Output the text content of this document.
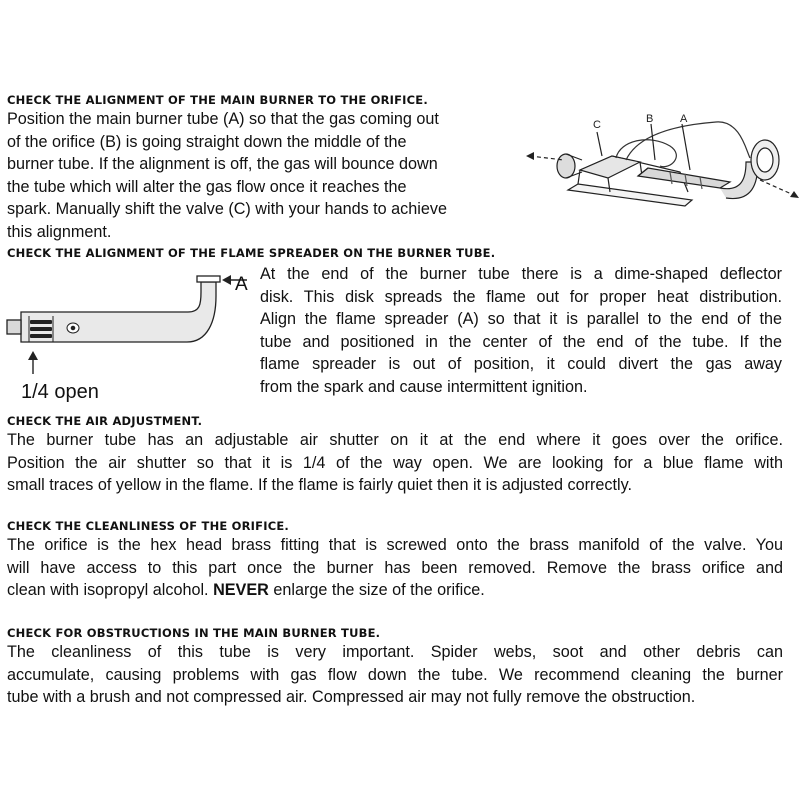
CHECK THE ALIGNMENT OF THE MAIN BURNER TO THE ORIFICE.
Position the main burner tube (A) so that the gas coming out
of the orifice (B) is going straight down the middle of the
burner tube. If the alignment is off, the gas will bounce down
the tube which will alter the gas flow once it reaches the
spark. Manually shift the valve (C) with your hands to achieve
this alignment.
C	B A
CHECK THE ALIGNMENT OF THE FLAME SPREADER ON THE BURNER TUBE.
A
1/4 open
At the end of the burner tube there is a dime-shaped deflector
disk. This disk spreads the flame out for proper heat distribution.
Align the flame spreader (A) so that it is parallel to the end of the
tube and positioned in the center of the end of the tube. If the
flame spreader is out of position, it could divert the gas away
from the spark and cause intermittent ignition.
CHECK THE AIR ADJUSTMENT.
The burner tube has an adjustable air shutter on it at the end where it goes over the orifice.
Position the air shutter so that it is 1/4 of the way open. We are looking for a blue flame with
small traces of yellow in the flame. If the flame is fairly quiet then it is adjusted correctly.
CHECK THE CLEANLINESS OF THE ORIFICE.
The orifice is the hex head brass fitting that is screwed onto the brass manifold of the valve. You
will have access to this part once the burner has been removed. Remove the brass orifice and
clean with isopropyl alcohol. NEVER enlarge the size of the orifice.
CHECK FOR OBSTRUCTIONS IN THE MAIN BURNER TUBE.
The cleanliness of this tube is very important. Spider webs, soot and other debris can
accumulate, causing problems with gas flow down the tube. We recommend cleaning the burner
tube with a brush and not compressed air. Compressed air may not fully remove the obstruction.
